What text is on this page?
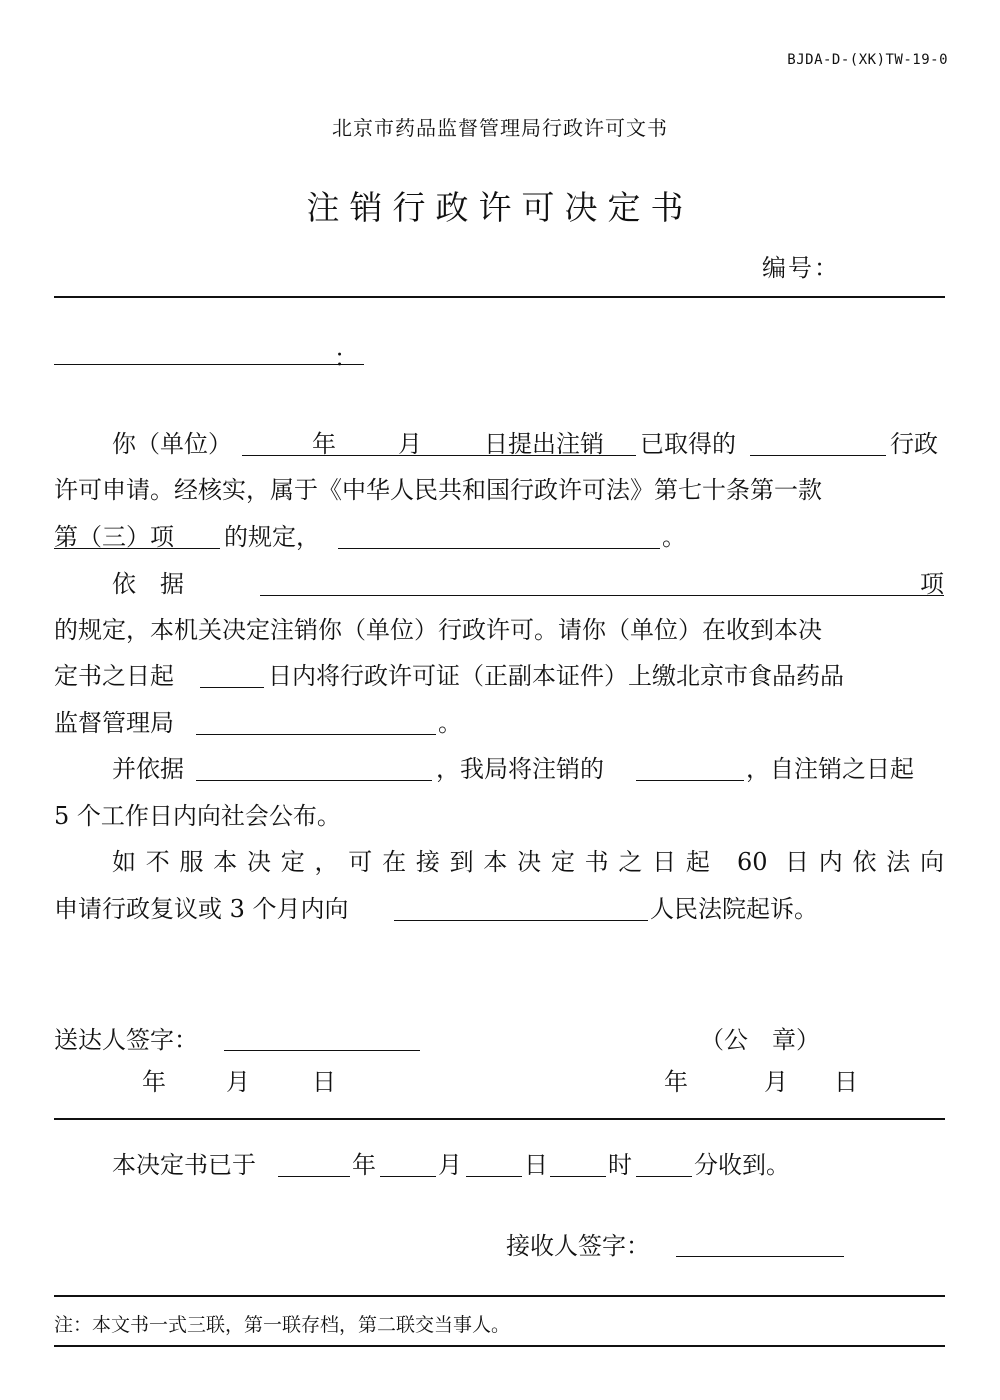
BJDA-D-(XK)TW-19-0
北京市药品监督管理局行政许可文书
注销行政许可决定书
编号：
：
你（单位）	年	月	日提出注销 已取得的	行政
许可申请。经核实，属于《中华人民共和国行政许可法》第七十条第一款
第（三）项 的规定，	。
依　据	项
的规定，本机关决定注销你（单位）行政许可。请你（单位）在收到本决
定书之日起	日内将行政许可证（正副本证件）上缴北京市食品药品
监督管理局	。
并依据	，我局将注销的	，自注销之日起
5 个工作日内向社会公布。
如不服本决定，可在接到本决定书之日起 60 日内依法向
申请行政复议或 3 个月内向	人民法院起诉。
送达人签字：	（公　章）
年	月	日	年	月 日
本决定书已于	年	月	日	时	分收到。
接收人签字：
注：本文书一式三联，第一联存档，第二联交当事人。
